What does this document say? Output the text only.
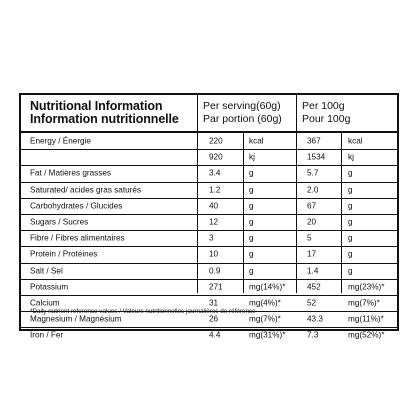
Nutritional Information
Information nutritionnelle
Per serving(60g)
Par portion (60g)
Per 100g
Pour 100g
Energy / Énergie	220	kcal	367	kcal
920	kj	1534	kj
Fat / Matières grasses	3.4	g	5.7	g
Saturated/ acides gras saturés	1.2	g	2.0	g
Carbohydrates / Glucides	40	g	67	g
Sugars / Sucres	12	g	20	g
Fibre / Fibres alimentaires	3	g	5	g
Protein / Protéines	10	g	17	g
Salt / Sel	0.9	g	1.4	g
Potassium	271	mg(14%)*	452	mg(23%)*
Calcium	31	mg(4%)*	52	mg(7%)*
Magnesium / Magnésium	26	mg(7%)*	43.3	mg(11%)*
Iron / Fer	4.4	mg(31%)*	7.3	mg(52%)*
*Daily nutrient reference values / Valeurs nutritionnelles journalières de référence
